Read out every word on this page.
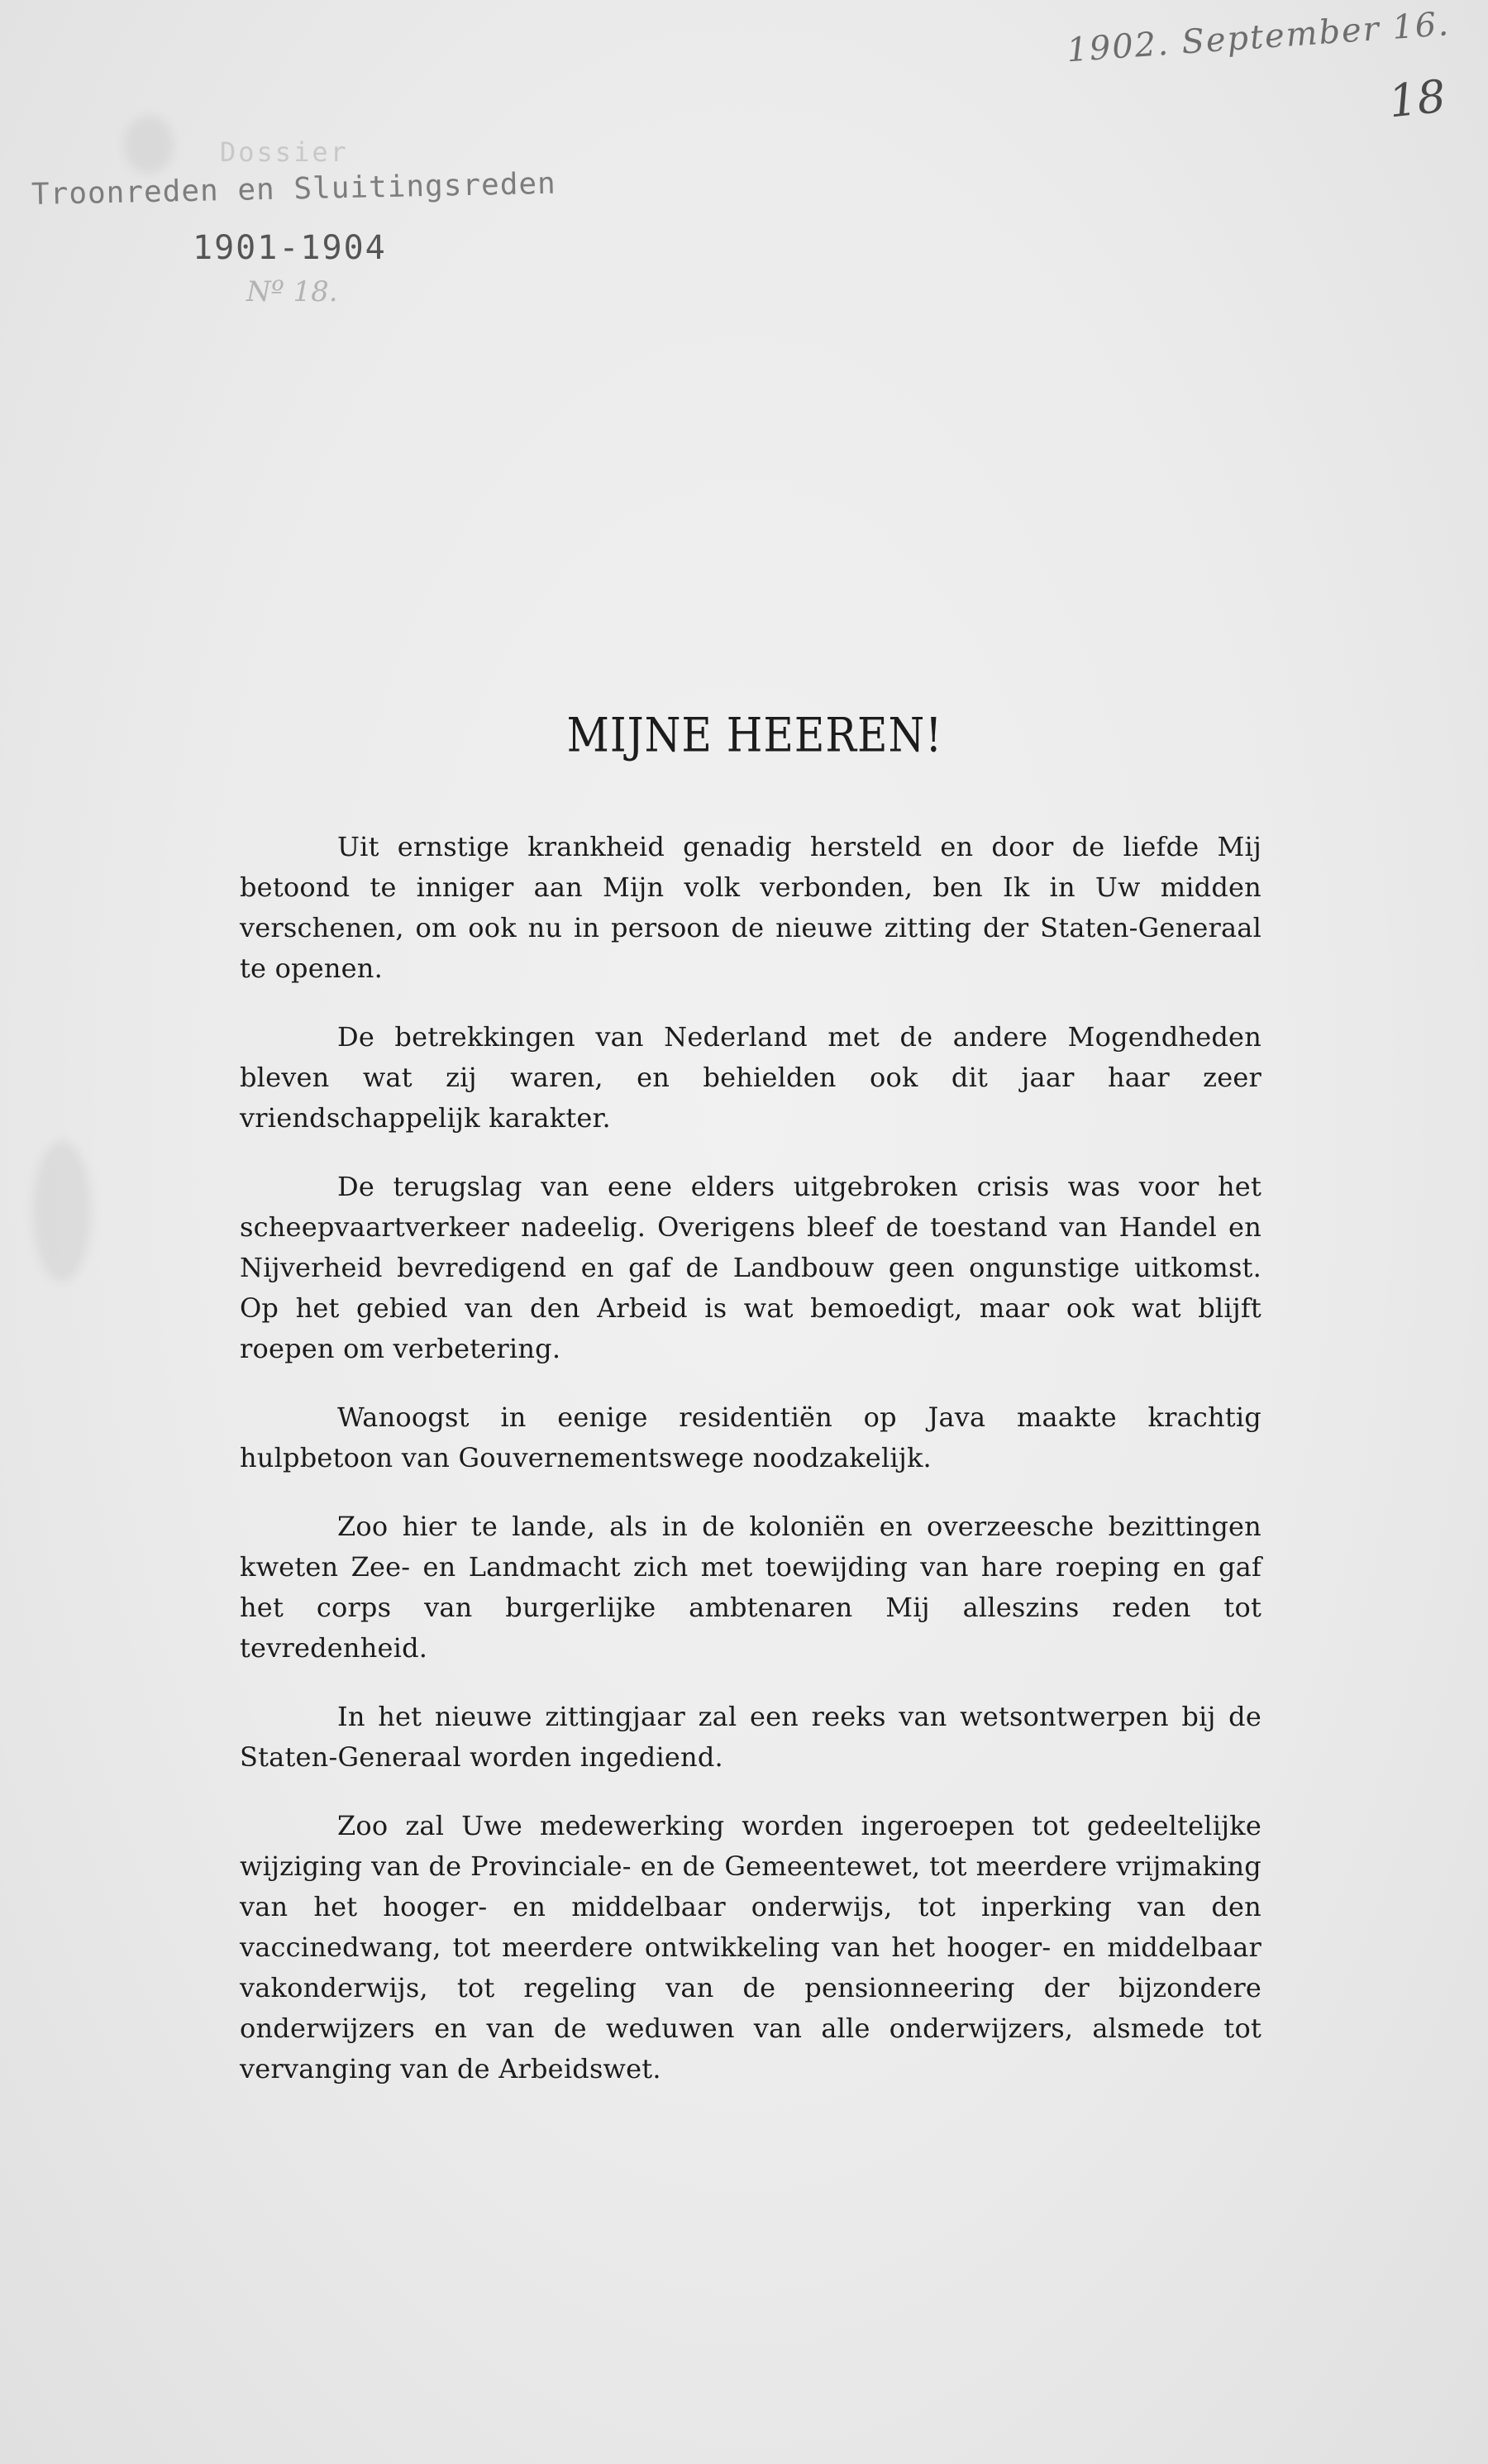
1902. September 16.
18
Dossier
Troonreden en Sluitingsreden
1901-1904
Nº 18.
MIJNE HEEREN!

Uit ernstige krankheid genadig hersteld en door de liefde Mij betoond te inniger aan Mijn volk verbonden, ben Ik in Uw midden verschenen, om ook nu in persoon de nieuwe zitting der Staten-Generaal te openen.

De betrekkingen van Nederland met de andere Mogendheden bleven wat zij waren, en behielden ook dit jaar haar zeer vriendschappelijk karakter.

De terugslag van eene elders uitgebroken crisis was voor het scheepvaartverkeer nadeelig. Overigens bleef de toestand van Handel en Nijverheid bevredigend en gaf de Landbouw geen ongunstige uitkomst. Op het gebied van den Arbeid is wat bemoedigt, maar ook wat blijft roepen om verbetering.

Wanoogst in eenige residentiën op Java maakte krachtig hulpbetoon van Gouvernementswege noodzakelijk.

Zoo hier te lande, als in de koloniën en overzeesche bezittingen kweten Zee- en Landmacht zich met toewijding van hare roeping en gaf het corps van burgerlijke ambtenaren Mij alleszins reden tot tevredenheid.

In het nieuwe zittingjaar zal een reeks van wetsontwerpen bij de Staten-Generaal worden ingediend.

Zoo zal Uwe medewerking worden ingeroepen tot gedeeltelijke wijziging van de Provinciale- en de Gemeentewet, tot meerdere vrijmaking van het hooger- en middelbaar onderwijs, tot inperking van den vaccinedwang, tot meerdere ontwikkeling van het hooger- en middelbaar vakonderwijs, tot regeling van de pensionneering der bijzondere onderwijzers en van de weduwen van alle onderwijzers, alsmede tot vervanging van de Arbeidswet.
